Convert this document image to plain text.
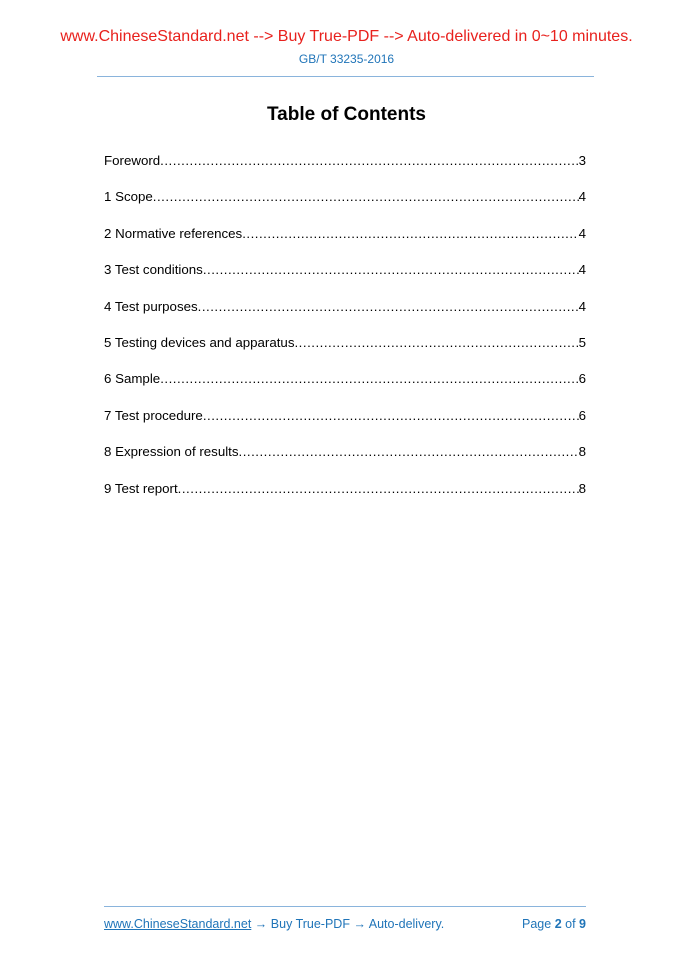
www.ChineseStandard.net --> Buy True-PDF --> Auto-delivered in 0~10 minutes.
GB/T 33235-2016
Table of Contents
Foreword .....	3
1 Scope .....	4
2 Normative references .....	4
3 Test conditions .....	4
4 Test purposes .....	4
5 Testing devices and apparatus .....	5
6 Sample .....	6
7 Test procedure .....	6
8 Expression of results .....	8
9 Test report .....	8
www.ChineseStandard.net → Buy True-PDF → Auto-delivery.	Page 2 of 9
